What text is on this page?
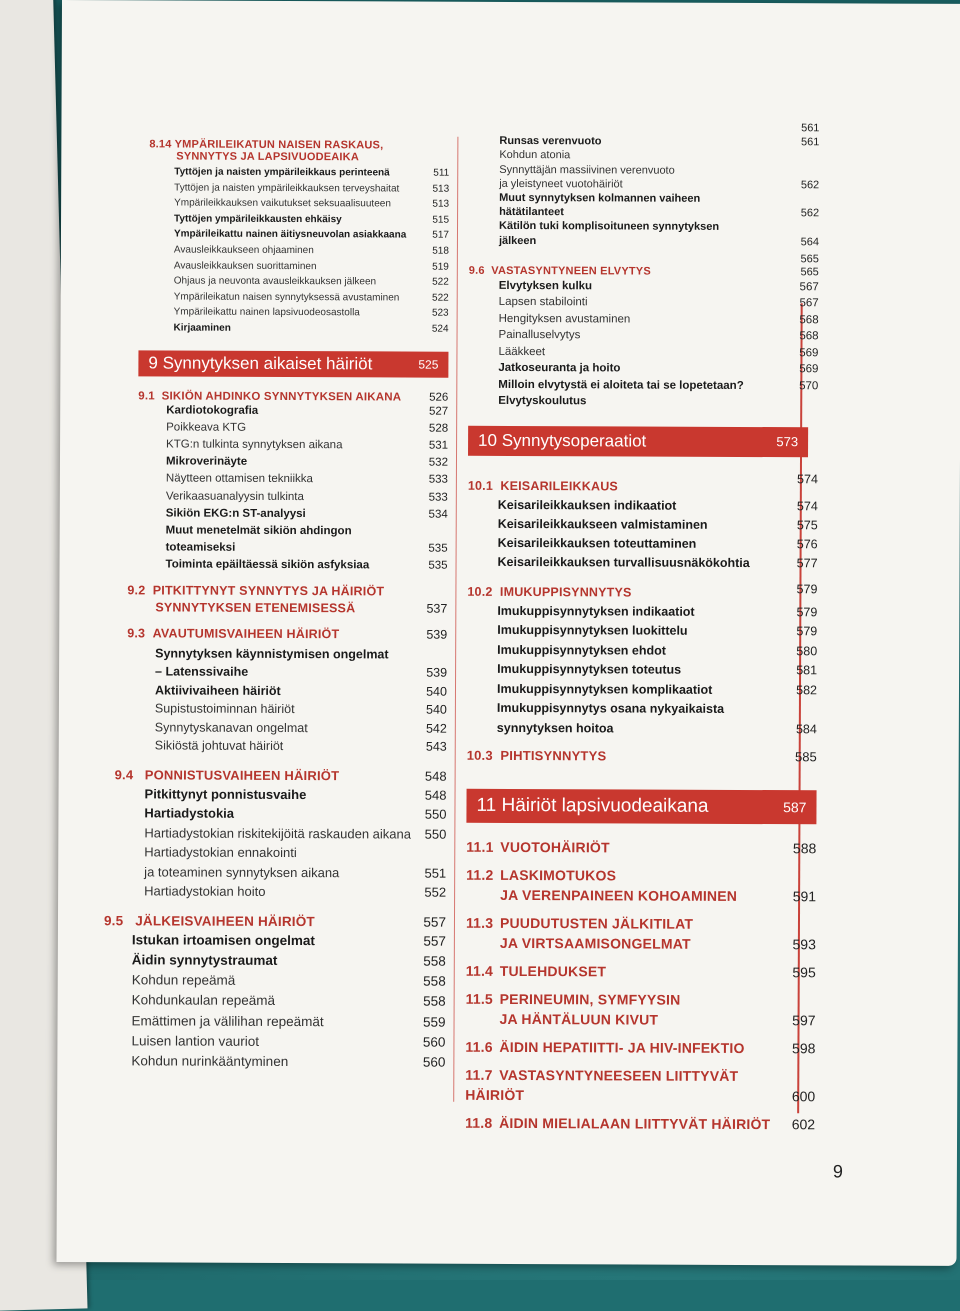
8.14 YMPÄRILEIKATUN NAISEN RASKAUS,
SYNNYTYS JA LAPSIVUODEAIKA
Tyttöjen ja naisten ympärileikkaus perinteenä	511
Tyttöjen ja naisten ympärileikkauksen terveyshaitat	513
Ympärileikkauksen vaikutukset seksuaalisuuteen	513
Tyttöjen ympärileikkausten ehkäisy	515
Ympärileikattu nainen äitiysneuvolan asiakkaana	517
Avausleikkaukseen ohjaaminen	518
Avausleikkauksen suorittaminen	519
Ohjaus ja neuvonta avausleikkauksen jälkeen	522
Ympärileikatun naisen synnytyksessä avustaminen	522
Ympärileikattu nainen lapsivuodeosastolla	523
Kirjaaminen	524
9 Synnytyksen aikaiset häiriöt	525
9.1 SIKIÖN AHDINKO SYNNYTYKSEN AIKANA	526
Kardiotokografia	527
Poikkeava KTG	528
KTG:n tulkinta synnytyksen aikana	531
Mikroverinäyte	532
Näytteen ottamisen tekniikka	533
Verikaasuanalyysin tulkinta	533
Sikiön EKG:n ST-analyysi	534
Muut menetelmät sikiön ahdingon
toteamiseksi	535
Toiminta epäiltäessä sikiön asfyksiaa	535
9.2 PITKITTYNYT SYNNYTYS JA HÄIRIÖT
SYNNYTYKSEN ETENEMISESSÄ	537
9.3 AVAUTUMISVAIHEEN HÄIRIÖT	539
Synnytyksen käynnistymisen ongelmat
– Latenssivaihe	539
Aktiivivaiheen häiriöt	540
Supistustoiminnan häiriöt	540
Synnytyskanavan ongelmat	542
Sikiöstä johtuvat häiriöt	543
9.4 PONNISTUSVAIHEEN HÄIRIÖT	548
Pitkittynyt ponnistusvaihe	548
Hartiadystokia	550
Hartiadystokian riskitekijöitä raskauden aikana	550
Hartiadystokian ennakointi
ja toteaminen synnytyksen aikana	551
Hartiadystokian hoito	552
9.5 JÄLKEISVAIHEEN HÄIRIÖT	557
Istukan irtoamisen ongelmat	557
Äidin synnytystraumat	558
Kohdun repeämä	558
Kohdunkaulan repeämä	558
Emättimen ja välilihan repeämät	559
Luisen lantion vauriot	560
Kohdun nurinkääntyminen	560
561
Runsas verenvuoto	561
Kohdun atonia
Synnyttäjän massiivinen verenvuoto
ja yleistyneet vuotohäiriöt	562
Muut synnytyksen kolmannen vaiheen
hätätilanteet	562
Kätilön tuki komplisoituneen synnytyksen
jälkeen	564
565
9.6 VASTASYNTYNEEN ELVYTYS	565
Elvytyksen kulku	567
Lapsen stabilointi	567
Hengityksen avustaminen	568
Painalluselvytys	568
Lääkkeet	569
Jatkoseuranta ja hoito	569
Milloin elvytystä ei aloiteta tai se lopetetaan?	570
Elvytyskoulutus
10 Synnytysoperaatiot	573
10.1 KEISARILEIKKAUS	574
Keisarileikkauksen indikaatiot	574
Keisarileikkaukseen valmistaminen	575
Keisarileikkauksen toteuttaminen	576
Keisarileikkauksen turvallisuusnäkökohtia	577
10.2 IMUKUPPISYNNYTYS	579
Imukuppisynnytyksen indikaatiot	579
Imukuppisynnytyksen luokittelu	579
Imukuppisynnytyksen ehdot	580
Imukuppisynnytyksen toteutus	581
Imukuppisynnytyksen komplikaatiot	582
Imukuppisynnytys osana nykyaikaista
synnytyksen hoitoa	584
10.3 PIHTISYNNYTYS	585
11 Häiriöt lapsivuodeaikana	587
11.1 VUOTOHÄIRIÖT	588
11.2 LASKIMOTUKOS
JA VERENPAINEEN KOHOAMINEN	591
11.3 PUUDUTUSTEN JÄLKITILAT
JA VIRTSAAMISONGELMAT	593
11.4 TULEHDUKSET	595
11.5 PERINEUMIN, SYMFYYSIN
JA HÄNTÄLUUN KIVUT	597
11.6 ÄIDIN HEPATIITTI- JA HIV-INFEKTIO	598
11.7 VASTASYNTYNEESEEN LIITTYVÄT HÄIRIÖT	600
11.8 ÄIDIN MIELIALAAN LIITTYVÄT HÄIRIÖT	602
9
